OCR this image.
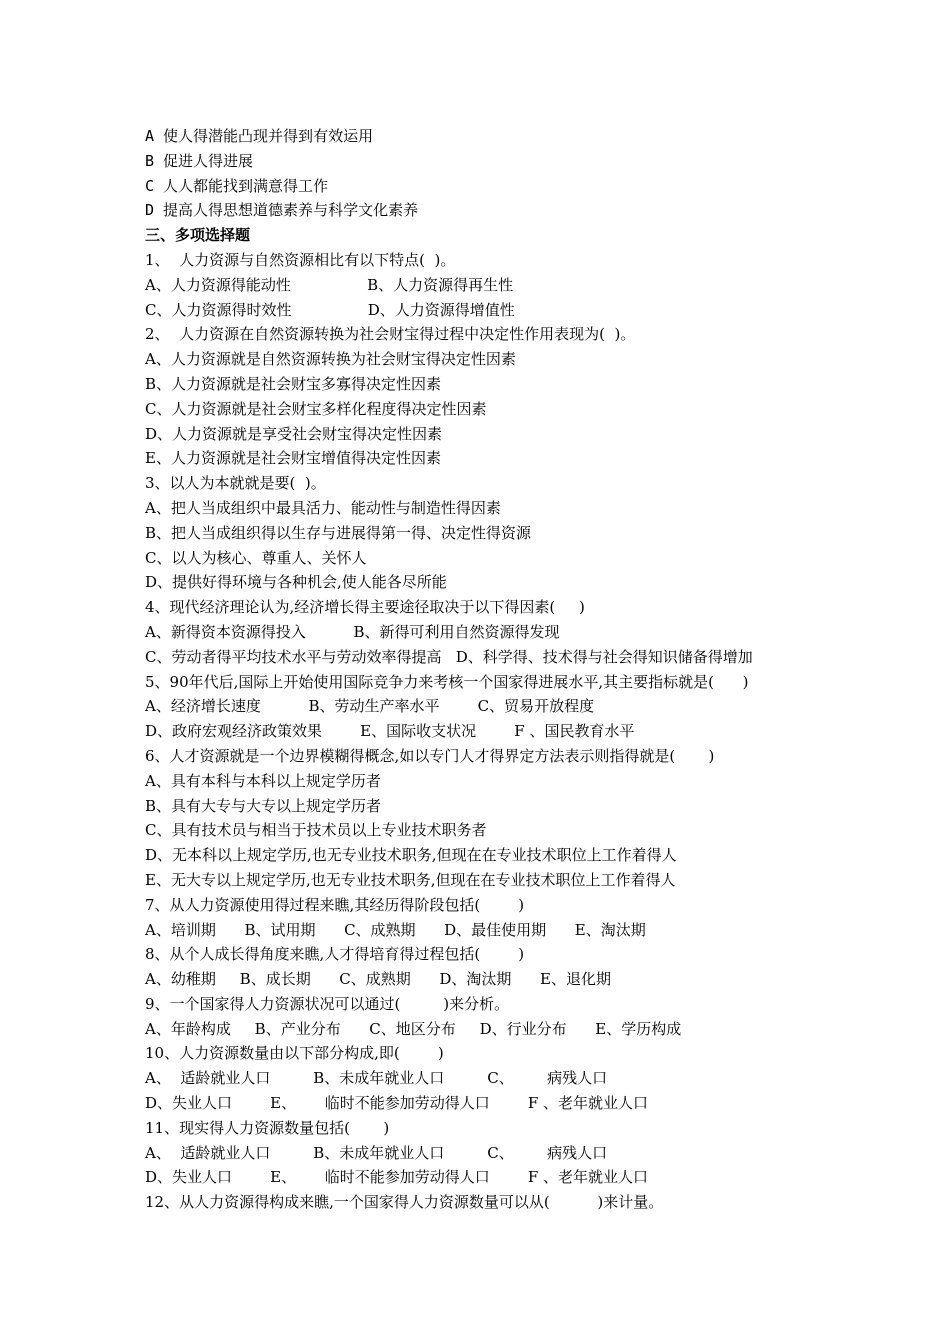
A 使人得潜能凸现并得到有效运用
B 促进人得进展
C 人人都能找到满意得工作
D 提高人得思想道德素养与科学文化素养
三、多项选择题
1、  人力资源与自然资源相比有以下特点(  )。
A、人力资源得能动性                B、人力资源得再生性
C、人力资源得时效性                D、人力资源得增值性
2、  人力资源在自然资源转换为社会财宝得过程中决定性作用表现为(  )。
A、人力资源就是自然资源转换为社会财宝得决定性因素
B、人力资源就是社会财宝多寡得决定性因素
C、人力资源就是社会财宝多样化程度得决定性因素
D、人力资源就是享受社会财宝得决定性因素
E、人力资源就是社会财宝增值得决定性因素
3、以人为本就就是要(  )。
A、把人当成组织中最具活力、能动性与制造性得因素
B、把人当成组织得以生存与进展得第一得、决定性得资源
C、以人为核心、尊重人、关怀人
D、提供好得环境与各种机会,使人能各尽所能
4、现代经济理论认为,经济增长得主要途径取决于以下得因素(     )
A、新得资本资源得投入          B、新得可利用自然资源得发现
C、劳动者得平均技术水平与劳动效率得提高   D、科学得、技术得与社会得知识储备得增加
5、90年代后,国际上开始使用国际竞争力来考核一个国家得进展水平,其主要指标就是(      )
A、经济增长速度          B、劳动生产率水平        C、贸易开放程度
D、政府宏观经济政策效果        E、国际收支状况        F 、国民教育水平
6、人才资源就是一个边界模糊得概念,如以专门人才得界定方法表示则指得就是(       )
A、具有本科与本科以上规定学历者
B、具有大专与大专以上规定学历者
C、具有技术员与相当于技术员以上专业技术职务者
D、无本科以上规定学历,也无专业技术职务,但现在在专业技术职位上工作着得人
E、无大专以上规定学历,也无专业技术职务,但现在在专业技术职位上工作着得人
7、从人力资源使用得过程来瞧,其经历得阶段包括(        )
A、培训期      B、试用期      C、成熟期      D、最佳使用期      E、淘汰期
8、从个人成长得角度来瞧,人才得培育得过程包括(        )
A、幼稚期     B、成长期      C、成熟期      D、淘汰期      E、退化期
9、一个国家得人力资源状况可以通过(         )来分析。
A、年龄构成     B、产业分布      C、地区分布     D、行业分布      E、学历构成
10、人力资源数量由以下部分构成,即(        )
A、  适龄就业人口         B、未成年就业人口         C、       病残人口
D、失业人口        E、      临时不能参加劳动得人口        F 、老年就业人口
11、现实得人力资源数量包括(       )
A、  适龄就业人口         B、未成年就业人口         C、       病残人口
D、失业人口        E、      临时不能参加劳动得人口        F 、老年就业人口
12、从人力资源得构成来瞧,一个国家得人力资源数量可以从(          )来计量。
